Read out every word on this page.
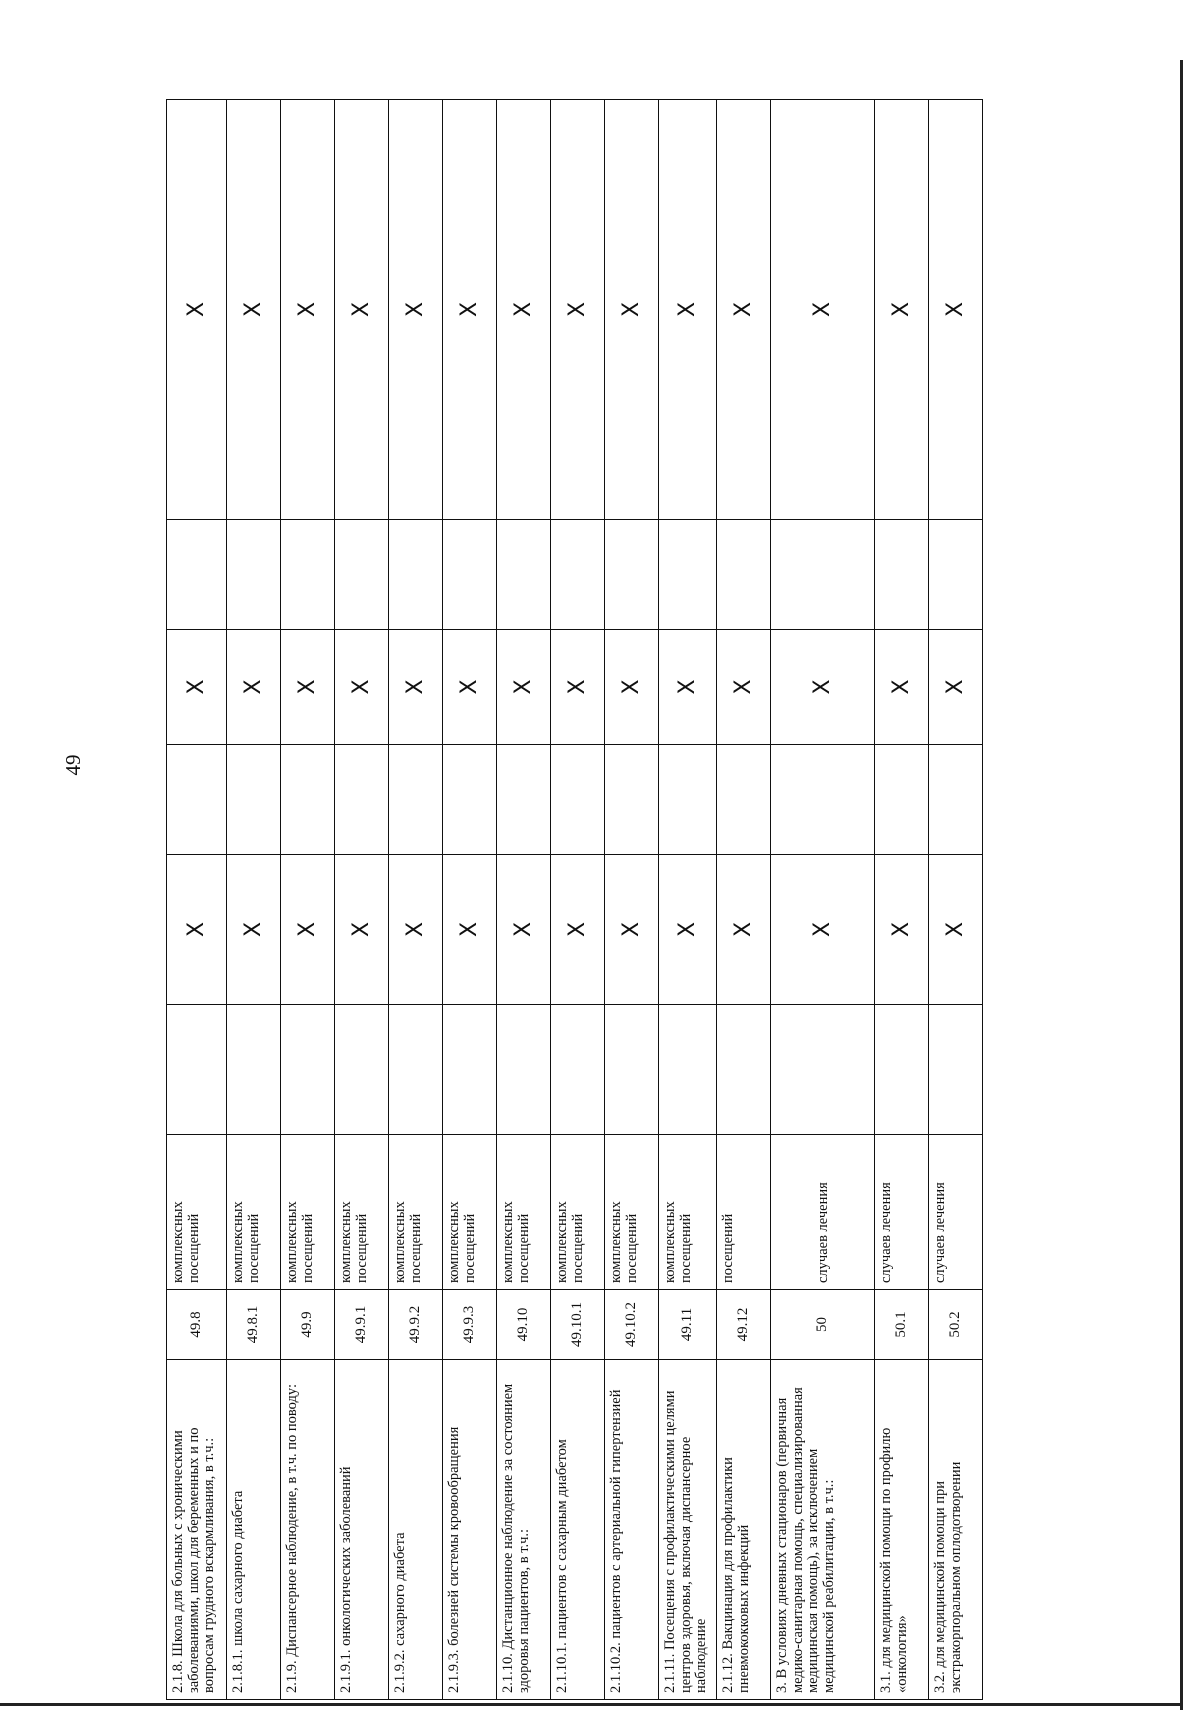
49
2.1.8. Школа для больных с хроническими заболеваниями, школ для беременных и по вопросам грудного вскармливания, в т.ч.:	49.8	комплексных посещений		X		X		X
2.1.8.1. школа сахарного диабета	49.8.1	комплексных посещений		X		X		X
2.1.9. Диспансерное наблюдение, в т.ч. по поводу:	49.9	комплексных посещений		X		X		X
2.1.9.1. онкологических заболеваний	49.9.1	комплексных посещений		X		X		X
2.1.9.2. сахарного диабета	49.9.2	комплексных посещений		X		X		X
2.1.9.3. болезней системы кровообращения	49.9.3	комплексных посещений		X		X		X
2.1.10. Дистанционное наблюдение за состоянием здоровья пациентов, в т.ч.:	49.10	комплексных посещений		X		X		X
2.1.10.1. пациентов с сахарным диабетом	49.10.1	комплексных посещений		X		X		X
2.1.10.2. пациентов с артериальной гипертензией	49.10.2	комплексных посещений		X		X		X
2.1.11. Посещения с профилактическими целями центров здоровья, включая диспансерное наблюдение	49.11	комплексных посещений		X		X		X
2.1.12. Вакцинация для профилактики пневмококковых инфекций	49.12	посещений		X		X		X
3. В условиях дневных стационаров (первичная медико-санитарная помощь, специализированная медицинская помощь), за исключением медицинской реабилитации, в т.ч.:	50	случаев лечения		X		X		X
3.1. для медицинской помощи по профилю «онкология»	50.1	случаев лечения		X		X		X
3.2. для медицинской помощи при экстракорпоральном оплодотворении	50.2	случаев лечения		X		X		X
